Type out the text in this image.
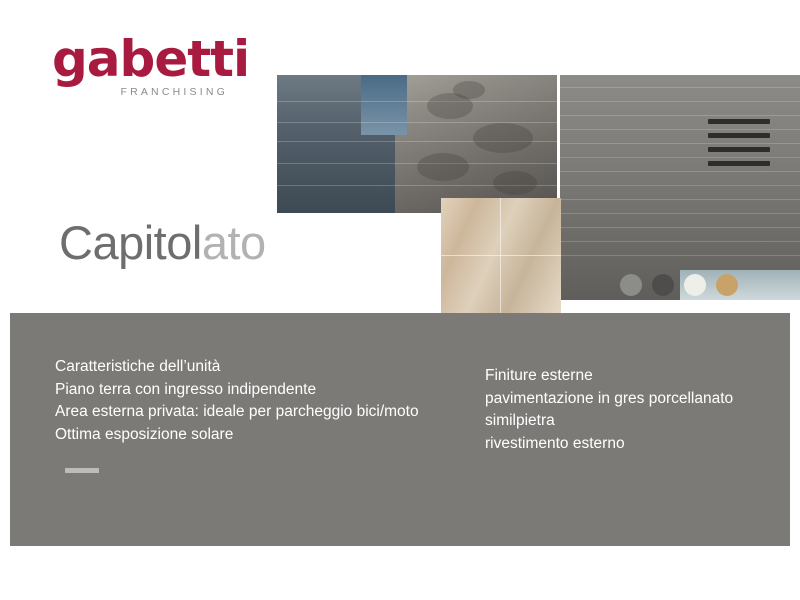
gabetti
FRANCHISING
Capitolato
Caratteristiche dell’unità
Piano terra con ingresso indipendente
Area esterna privata: ideale per parcheggio bici/moto
Ottima esposizione solare
Finiture esterne
pavimentazione in gres porcellanato
similpietra
rivestimento esterno
